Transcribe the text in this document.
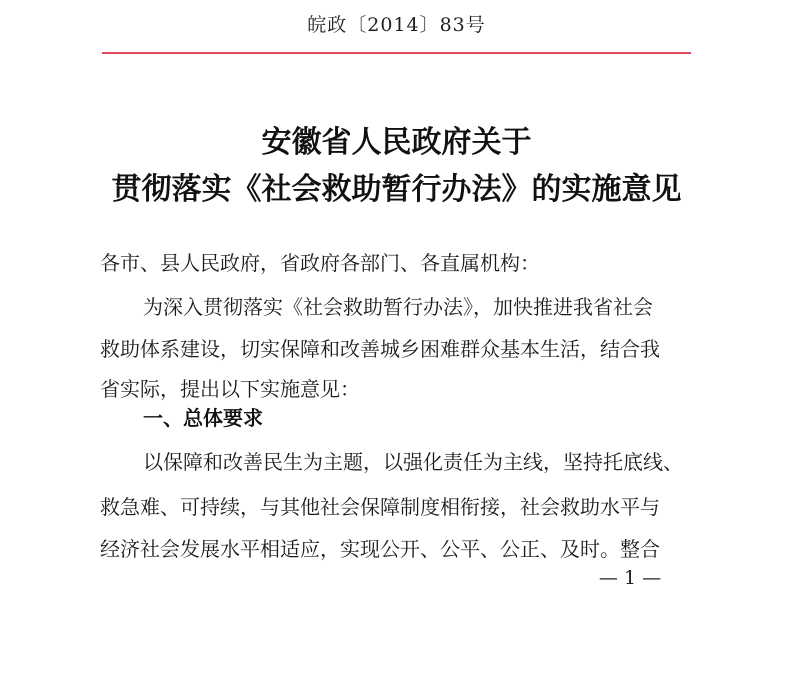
皖政〔2014〕83号
安徽省人民政府关于
贯彻落实《社会救助暂行办法》的实施意见
各市、县人民政府，省政府各部门、各直属机构：
为深入贯彻落实《社会救助暂行办法》，加快推进我省社会
救助体系建设，切实保障和改善城乡困难群众基本生活，结合我
省实际，提出以下实施意见：
一、总体要求
以保障和改善民生为主题，以强化责任为主线，坚持托底线、
救急难、可持续，与其他社会保障制度相衔接，社会救助水平与
经济社会发展水平相适应，实现公开、公平、公正、及时。整合
— 1 —
